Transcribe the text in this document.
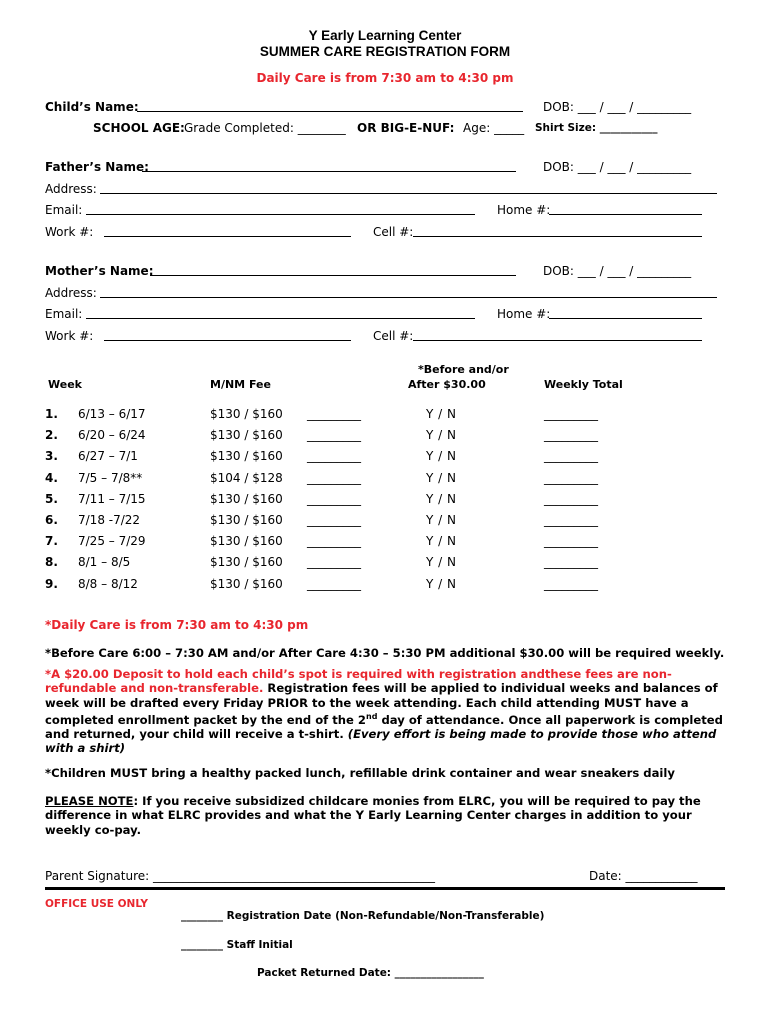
Y Early Learning Center
SUMMER CARE REGISTRATION FORM
Daily Care is from 7:30 am to 4:30 pm
Child’s Name:	DOB: ___ / ___ / _________
SCHOOL AGE: Grade Completed: ________ OR BIG-E-NUF: Age: _____ Shirt Size: ___________
Father’s Name:	DOB: ___ / ___ / _________
Address:
Email:	Home #:
Work #:	Cell #:
Mother’s Name:	DOB: ___ / ___ / _________
Address:
Email:	Home #:
Work #:	Cell #:
*Before and/or
Week	M/NM Fee	After $30.00	Weekly Total
1. 6/13 – 6/17	$130 / $160 _________	Y / N	_________
2. 6/20 – 6/24	$130 / $160 _________	Y / N	_________
3. 6/27 – 7/1	$130 / $160 _________	Y / N	_________
4. 7/5 – 7/8**	$104 / $128 _________	Y / N	_________
5. 7/11 – 7/15	$130 / $160 _________	Y / N	_________
6. 7/18 -7/22	$130 / $160 _________	Y / N	_________
7. 7/25 – 7/29	$130 / $160 _________	Y / N	_________
8. 8/1 – 8/5	$130 / $160 _________	Y / N	_________
9. 8/8 – 8/12	$130 / $160 _________	Y / N	_________
*Daily Care is from 7:30 am to 4:30 pm
*Before Care 6:00 – 7:30 AM and/or After Care 4:30 – 5:30 PM additional $30.00 will be required weekly.
*A $20.00 Deposit to hold each child’s spot is required with registration andthese fees are non-refundable and non-transferable. Registration fees will be applied to individual weeks and balances of week will be drafted every Friday PRIOR to the week attending. Each child attending MUST have a completed enrollment packet by the end of the 2nd day of attendance. Once all paperwork is completed and returned, your child will receive a t-shirt. (Every effort is being made to provide those who attend with a shirt)
*Children MUST bring a healthy packed lunch, refillable drink container and wear sneakers daily
PLEASE NOTE: If you receive subsidized childcare monies from ELRC, you will be required to pay the difference in what ELRC provides and what the Y Early Learning Center charges in addition to your weekly co-pay.
Parent Signature: _______________________________________________	Date: ____________
OFFICE USE ONLY
________ Registration Date (Non-Refundable/Non-Transferable)
________ Staff Initial
Packet Returned Date: _________________
